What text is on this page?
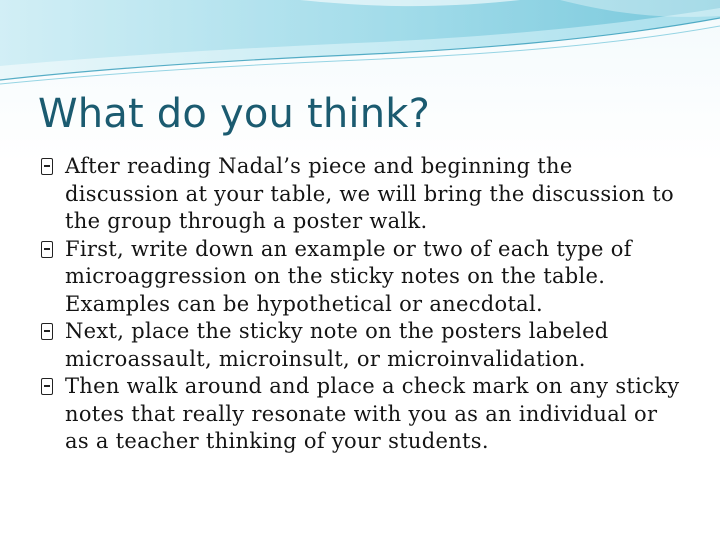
What do you think?
After reading Nadal’s piece and beginning the discussion at your table, we will bring the discussion to the group through a poster walk.
First, write down an example or two of each type of microaggression on the sticky notes on the table. Examples can be hypothetical or anecdotal.
Next, place the sticky note on the posters labeled microassault, microinsult, or microinvalidation.
Then walk around and place a check mark on any sticky notes that really resonate with you as an individual or as a teacher thinking of your students.
